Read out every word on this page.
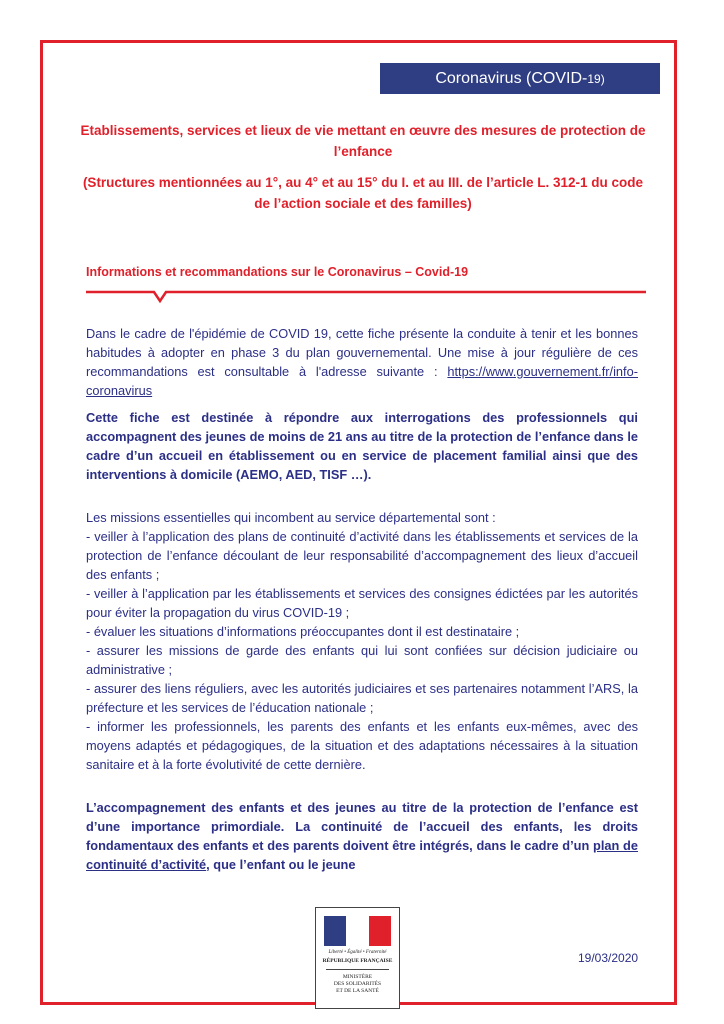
Coronavirus (COVID- 19)
Etablissements, services et lieux de vie mettant en œuvre des mesures de protection de l’enfance
(Structures mentionnées au 1°, au 4° et au 15° du I. et au III. de l’article L. 312-1 du code de l’action sociale et des familles)
Informations et recommandations sur le Coronavirus – Covid-19
Dans le cadre de l'épidémie de COVID 19, cette fiche présente la conduite à tenir et les bonnes habitudes à adopter en phase 3 du plan gouvernemental. Une mise à jour régulière de ces recommandations est consultable à l'adresse suivante : https://www.gouvernement.fr/info-coronavirus
Cette fiche est destinée à répondre aux interrogations des professionnels qui accompagnent des jeunes de moins de 21 ans au titre de la protection de l’enfance dans le cadre d’un accueil en établissement ou en service de placement familial ainsi que des interventions à domicile (AEMO, AED, TISF …).
Les missions essentielles qui incombent au service départemental sont :
- veiller à l’application des plans de continuité d’activité dans les établissements et services de la protection de l’enfance découlant de leur responsabilité d’accompagnement des lieux d’accueil des enfants ;
- veiller à l’application par les établissements et services des consignes édictées par les autorités pour éviter la propagation du virus COVID-19 ;
- évaluer les situations d’informations préoccupantes dont il est destinataire ;
- assurer les missions de garde des enfants qui lui sont confiées sur décision judiciaire ou administrative ;
- assurer des liens réguliers, avec les autorités judiciaires et ses partenaires notamment l’ARS, la préfecture et les services de l’éducation nationale ;
- informer les professionnels, les parents des enfants et les enfants eux-mêmes, avec des moyens adaptés et pédagogiques, de la situation et des adaptations nécessaires à la situation sanitaire et à la forte évolutivité de cette dernière.
L’accompagnement des enfants et des jeunes au titre de la protection de l’enfance est d’une importance primordiale. La continuité de l’accueil des enfants, les droits fondamentaux des enfants et des parents doivent être intégrés, dans le cadre d’un plan de continuité d’activité, que l’enfant ou le jeune
Liberté • Égalité • Fraternité
RÉPUBLIQUE FRANÇAISE
MINISTÈRE
DES SOLIDARITÉS
ET DE LA SANTÉ
19/03/2020
